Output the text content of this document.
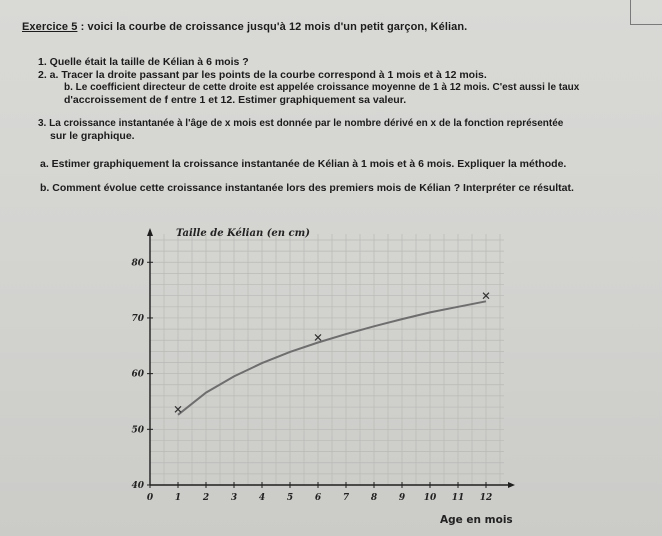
Exercice 5 : voici la courbe de croissance jusqu'à 12 mois d'un petit garçon, Kélian.
1. Quelle était la taille de Kélian à 6 mois ?
2. a. Tracer la droite passant par les points de la courbe correspond à 1 mois et à 12 mois.
b. Le coefficient directeur de cette droite est appelée croissance moyenne de 1 à 12 mois. C'est aussi le taux
d'accroissement de f entre 1 et 12. Estimer graphiquement sa valeur.
3. La croissance instantanée à l'âge de x mois est donnée par le nombre dérivé en x de la fonction représentée
sur le graphique.
a. Estimer graphiquement la croissance instantanée de Kélian à 1 mois et à 6 mois. Expliquer la méthode.
b. Comment évolue cette croissance instantanée lors des premiers mois de Kélian ? Interpréter ce résultat.
0 1 2 3 4 5 6 7 8 9 10 11 12
40
50
60
70
80
Taille de Kélian (en cm)
Age en mois
